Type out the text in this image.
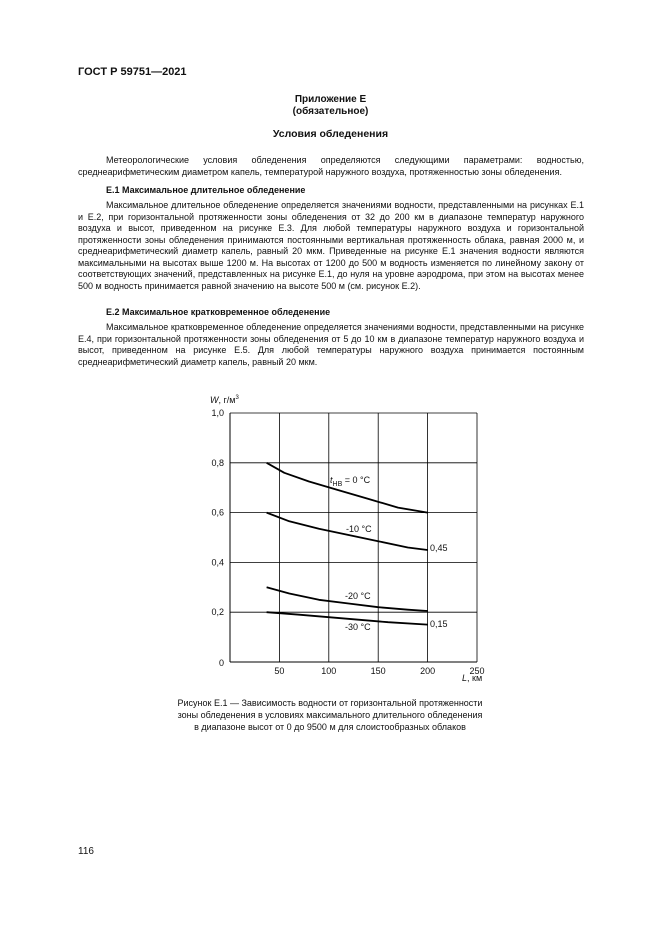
ГОСТ Р 59751—2021
Приложение Е
(обязательное)
Условия обледенения

Метеорологические условия обледенения определяются следующими параметрами: водностью, среднеарифметическим диаметром капель, температурой наружного воздуха, протяженностью зоны обледенения.

Е.1 Максимальное длительное обледенение

Максимальное длительное обледенение определяется значениями водности, представленными на рисунках Е.1 и Е.2, при горизонтальной протяженности зоны обледенения от 32 до 200 км в диапазоне температур наружного воздуха и высот, приведенном на рисунке Е.3. Для любой температуры наружного воздуха и горизонтальной протяженности зоны обледенения принимаются постоянными вертикальная протяженность облака, равная 2000 м, и среднеарифметический диаметр капель, равный 20 мкм. Приведенные на рисунке Е.1 значения водности являются максимальными на высотах выше 1200 м. На высотах от 1200 до 500 м водность изменяется по линейному закону от соответствующих значений, представленных на рисунке Е.1, до нуля на уровне аэродрома, при этом на высотах менее 500 м водность принимается равной значению на высоте 500 м (см. рисунок Е.2).

Е.2 Максимальное кратковременное обледенение

Максимальное кратковременное обледенение определяется значениями водности, представленными на рисунке Е.4, при горизонтальной протяженности зоны обледенения от 5 до 10 км в диапазоне температур наружного воздуха и высот, приведенном на рисунке Е.5. Для любой температуры наружного воздуха принимается постоянным среднеарифметический диаметр капель, равный 20 мкм.

50	100	150	200	250
0,2
0,4
0,6
0,8
1,0
0
W, $г/м^3$
L, км
$t_{НВ} = 0$ °C
-10 °C
-20 °C
-30 °C
0,45
0,15

Рисунок Е.1 — Зависимость водности от горизонтальной протяженности

зоны обледенения в условиях максимального длительного обледенения

в диапазоне высот от 0 до 9500 м для слоистообразных облаков

116
